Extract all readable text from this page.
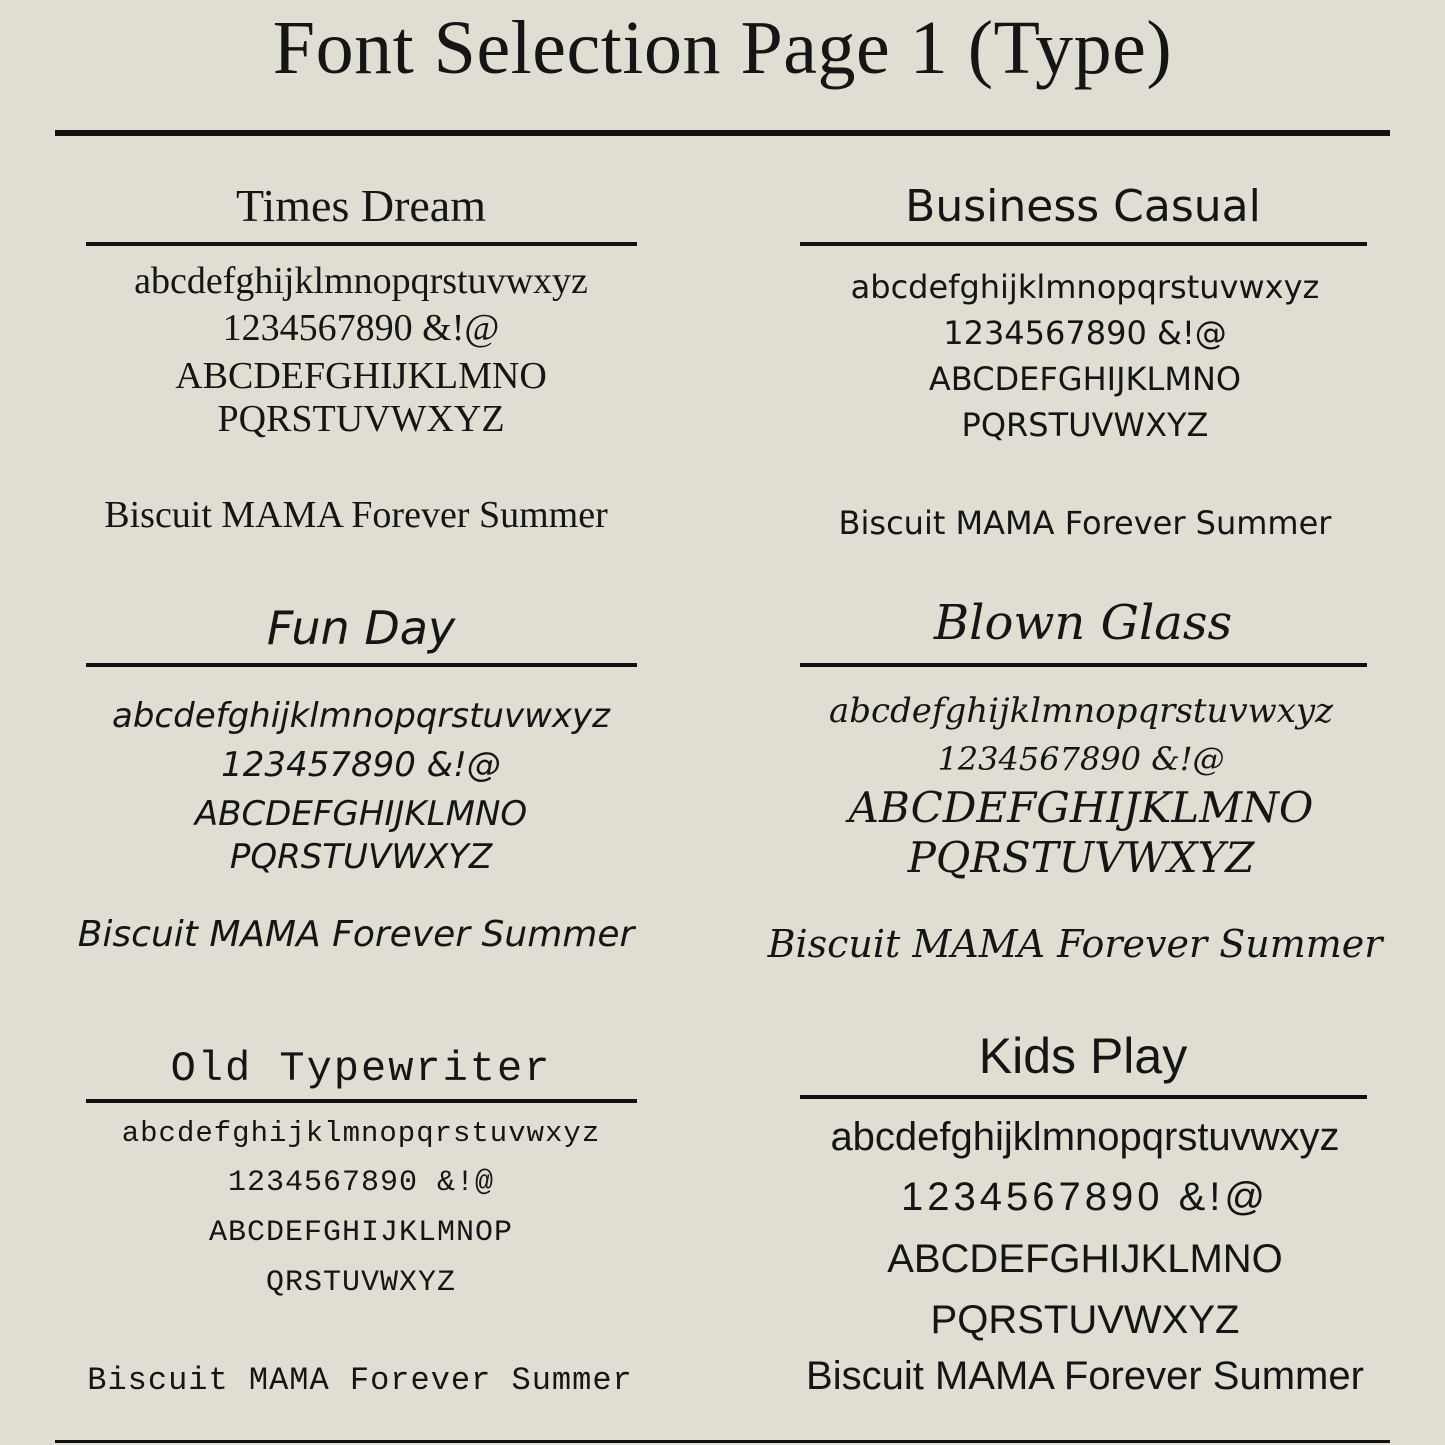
Font Selection Page 1 (Type)
Times Dream
abcdefghijklmnopqrstuvwxyz
1234567890 &!@
ABCDEFGHIJKLMNO
PQRSTUVWXYZ
Biscuit MAMA Forever Summer
Business Casual
abcdefghijklmnopqrstuvwxyz
1234567890 &!@
ABCDEFGHIJKLMNO
PQRSTUVWXYZ
Biscuit MAMA Forever Summer
Fun Day
abcdefghijklmnopqrstuvwxyz
123457890 &!@
ABCDEFGHIJKLMNO
PQRSTUVWXYZ
Biscuit MAMA Forever Summer
Blown Glass
abcdefghijklmnopqrstuvwxyz
1234567890 &!@
ABCDEFGHIJKLMNO
PQRSTUVWXYZ
Biscuit MAMA Forever Summer
Old Typewriter
abcdefghijklmnopqrstuvwxyz
1234567890 &!@
ABCDEFGHIJKLMNOP
QRSTUVWXYZ
Biscuit MAMA Forever Summer
Kids Play
abcdefghijklmnopqrstuvwxyz
1234567890 &!@
ABCDEFGHIJKLMNO
PQRSTUVWXYZ
Biscuit MAMA Forever Summer
